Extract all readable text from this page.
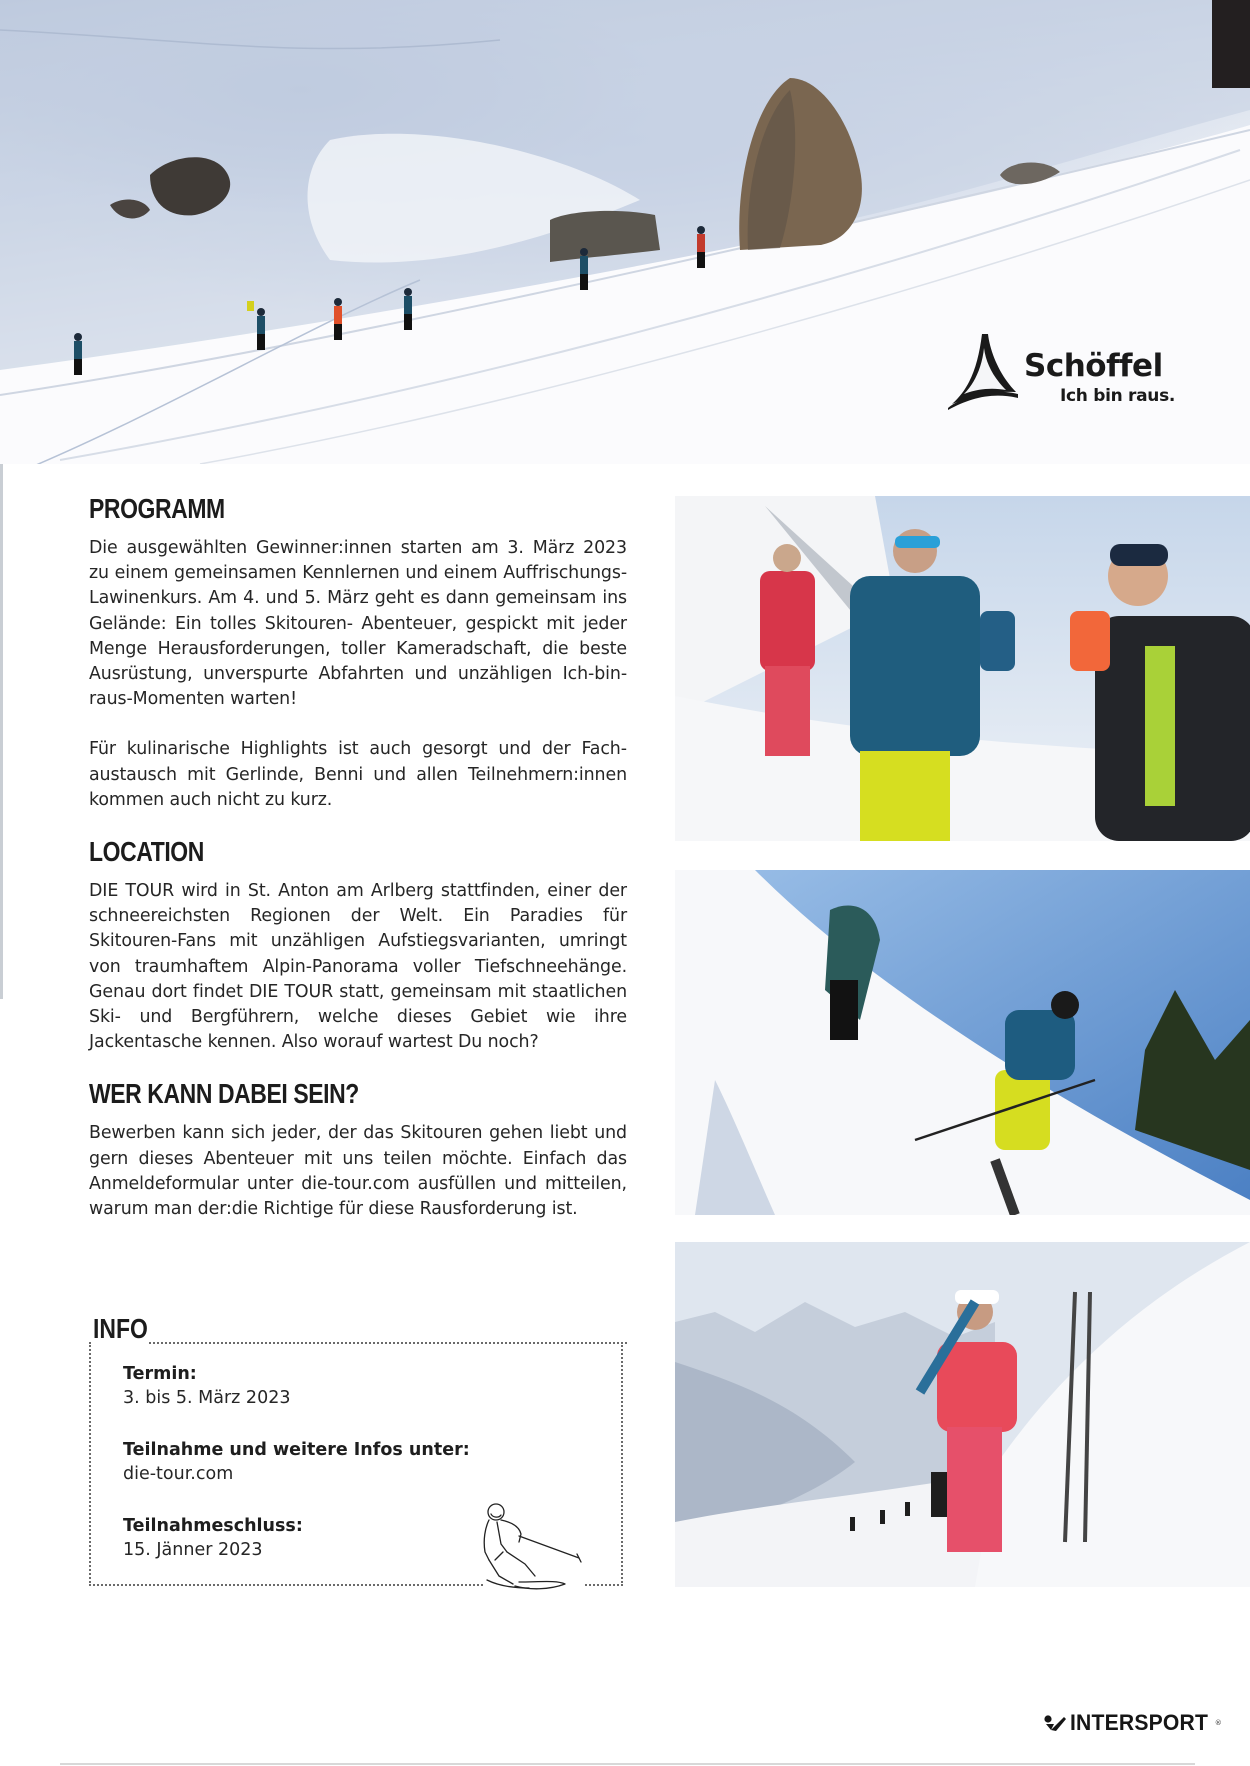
Schöffel
Ich bin raus.
PROGRAMM

Die ausgewählten Gewinner:innen starten am 3. März 2023 zu einem gemeinsamen Kennlernen und einem Auffrischungs-Lawinenkurs. Am 4. und 5. März geht es dann gemeinsam ins Gelände: Ein tolles Skitouren- Abenteuer, gespickt mit jeder Menge Herausforderungen, toller Kameradschaft, die beste Ausrüstung, unverspurte Abfahrten und unzähligen Ich-bin-raus-Momenten warten!

Für kulinarische Highlights ist auch gesorgt und der Fachaustausch mit Gerlinde, Benni und allen Teilnehmern:innen kommen auch nicht zu kurz.

LOCATION

DIE TOUR wird in St. Anton am Arlberg stattfinden, einer der schneereichsten Regionen der Welt. Ein Paradies für Skitouren-Fans mit unzähligen Aufstiegsvarianten, umringt von traumhaftem Alpin-Panorama voller Tiefschneehänge. Genau dort findet DIE TOUR statt, gemeinsam mit staatlichen Ski- und Bergführern, welche dieses Gebiet wie ihre Jackentasche kennen. Also worauf wartest Du noch?

WER KANN DABEI SEIN?

Bewerben kann sich jeder, der das Skitouren gehen liebt und gern dieses Abenteuer mit uns teilen möchte. Einfach das Anmeldeformular unter die-tour.com ausfüllen und mitteilen, warum man der:die Richtige für diese Rausforderung ist.

INFO
Termin:
3. bis 5. März 2023
Teilnahme und weitere Infos unter:
die-tour.com
Teilnahmeschluss:
15. Jänner 2023
INTERSPORT ®
